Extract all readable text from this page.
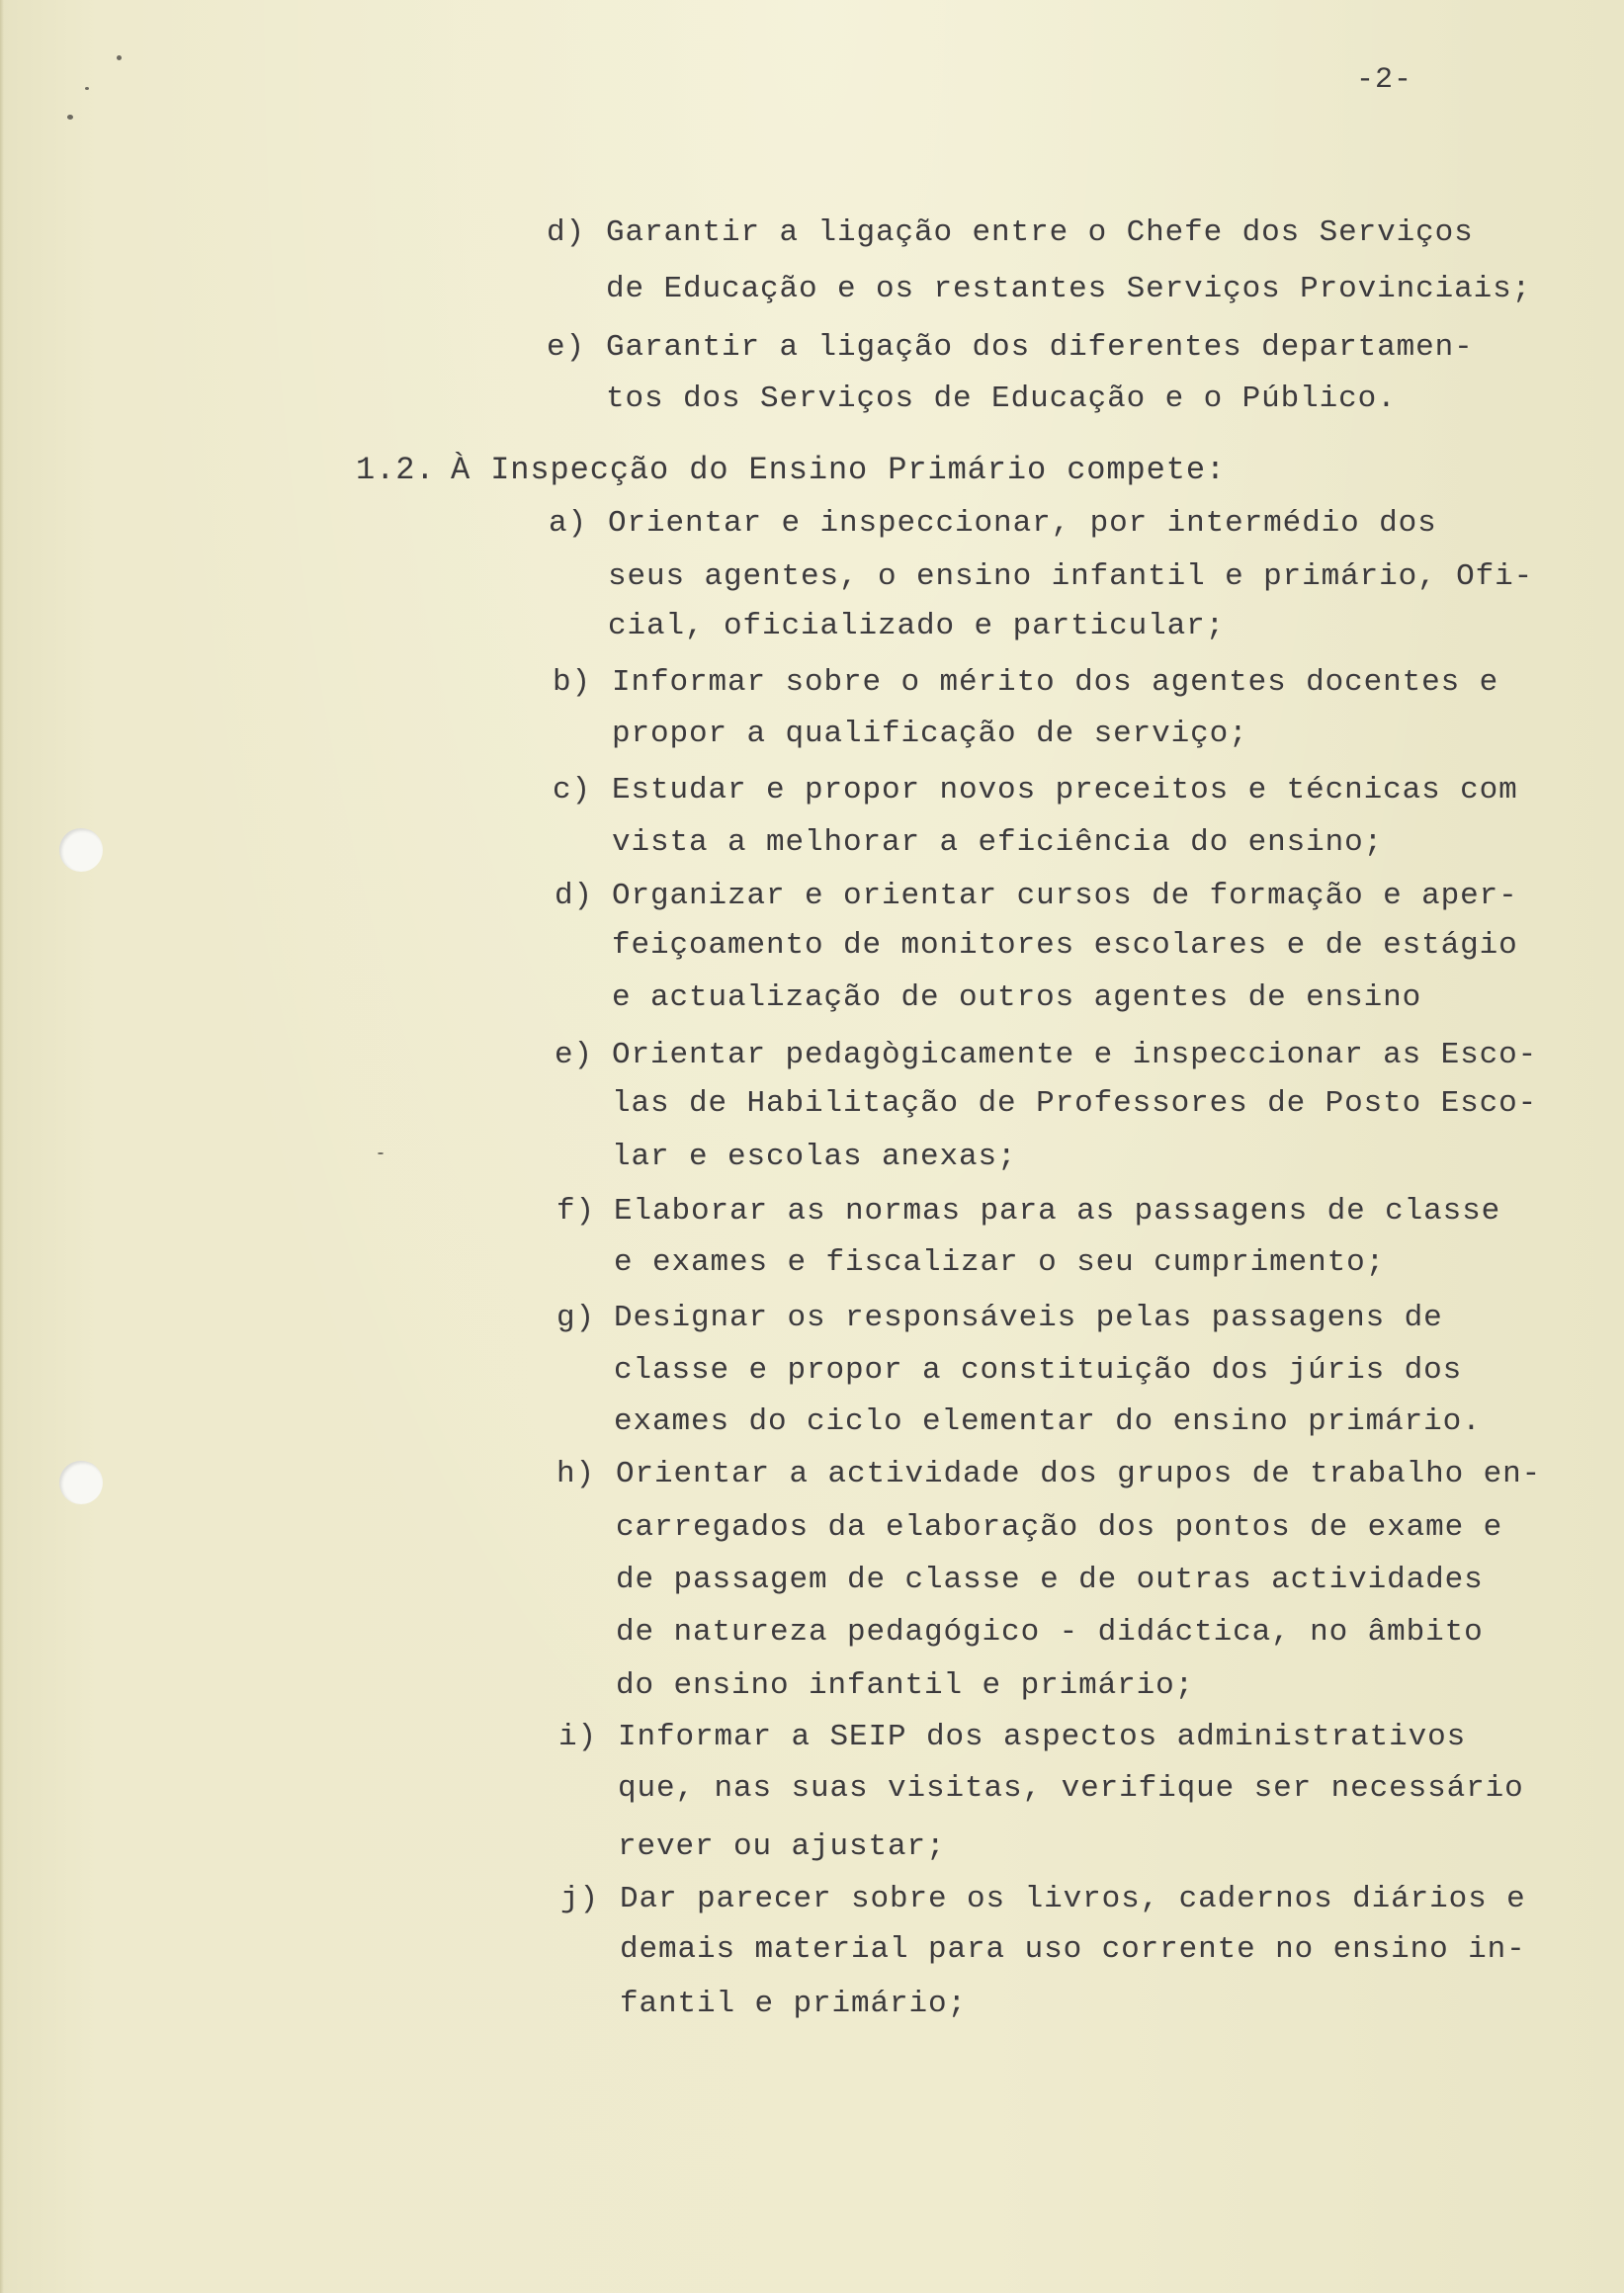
-2-
d) Garantir a ligação entre o Chefe dos Serviços
de Educação e os restantes Serviços Provinciais;
e) Garantir a ligação dos diferentes departamen-
tos dos Serviços de Educação e o Público.
1.2. À Inspecção do Ensino Primário compete:
a) Orientar e inspeccionar, por intermédio dos
seus agentes, o ensino infantil e primário, Ofi-
cial, oficializado e particular;
b) Informar sobre o mérito dos agentes docentes e
propor a qualificação de serviço;
c) Estudar e propor novos preceitos e técnicas com
vista a melhorar a eficiência do ensino;
d) Organizar e orientar cursos de formação e aper-
feiçoamento de monitores escolares e de estágio
e actualização de outros agentes de ensino
e) Orientar pedagògicamente e inspeccionar as Esco-
las de Habilitação de Professores de Posto Esco-
lar e escolas anexas;
f) Elaborar as normas para as passagens de classe
e exames e fiscalizar o seu cumprimento;
g) Designar os responsáveis pelas passagens de
classe e propor a constituição dos júris dos
exames do ciclo elementar do ensino primário.
h) Orientar a actividade dos grupos de trabalho en-
carregados da elaboração dos pontos de exame e
de passagem de classe e de outras actividades
de natureza pedagógico - didáctica, no âmbito
do ensino infantil e primário;
i) Informar a SEIP dos aspectos administrativos
que, nas suas visitas, verifique ser necessário
rever ou ajustar;
j) Dar parecer sobre os livros, cadernos diários e
demais material para uso corrente no ensino in-
fantil e primário;
